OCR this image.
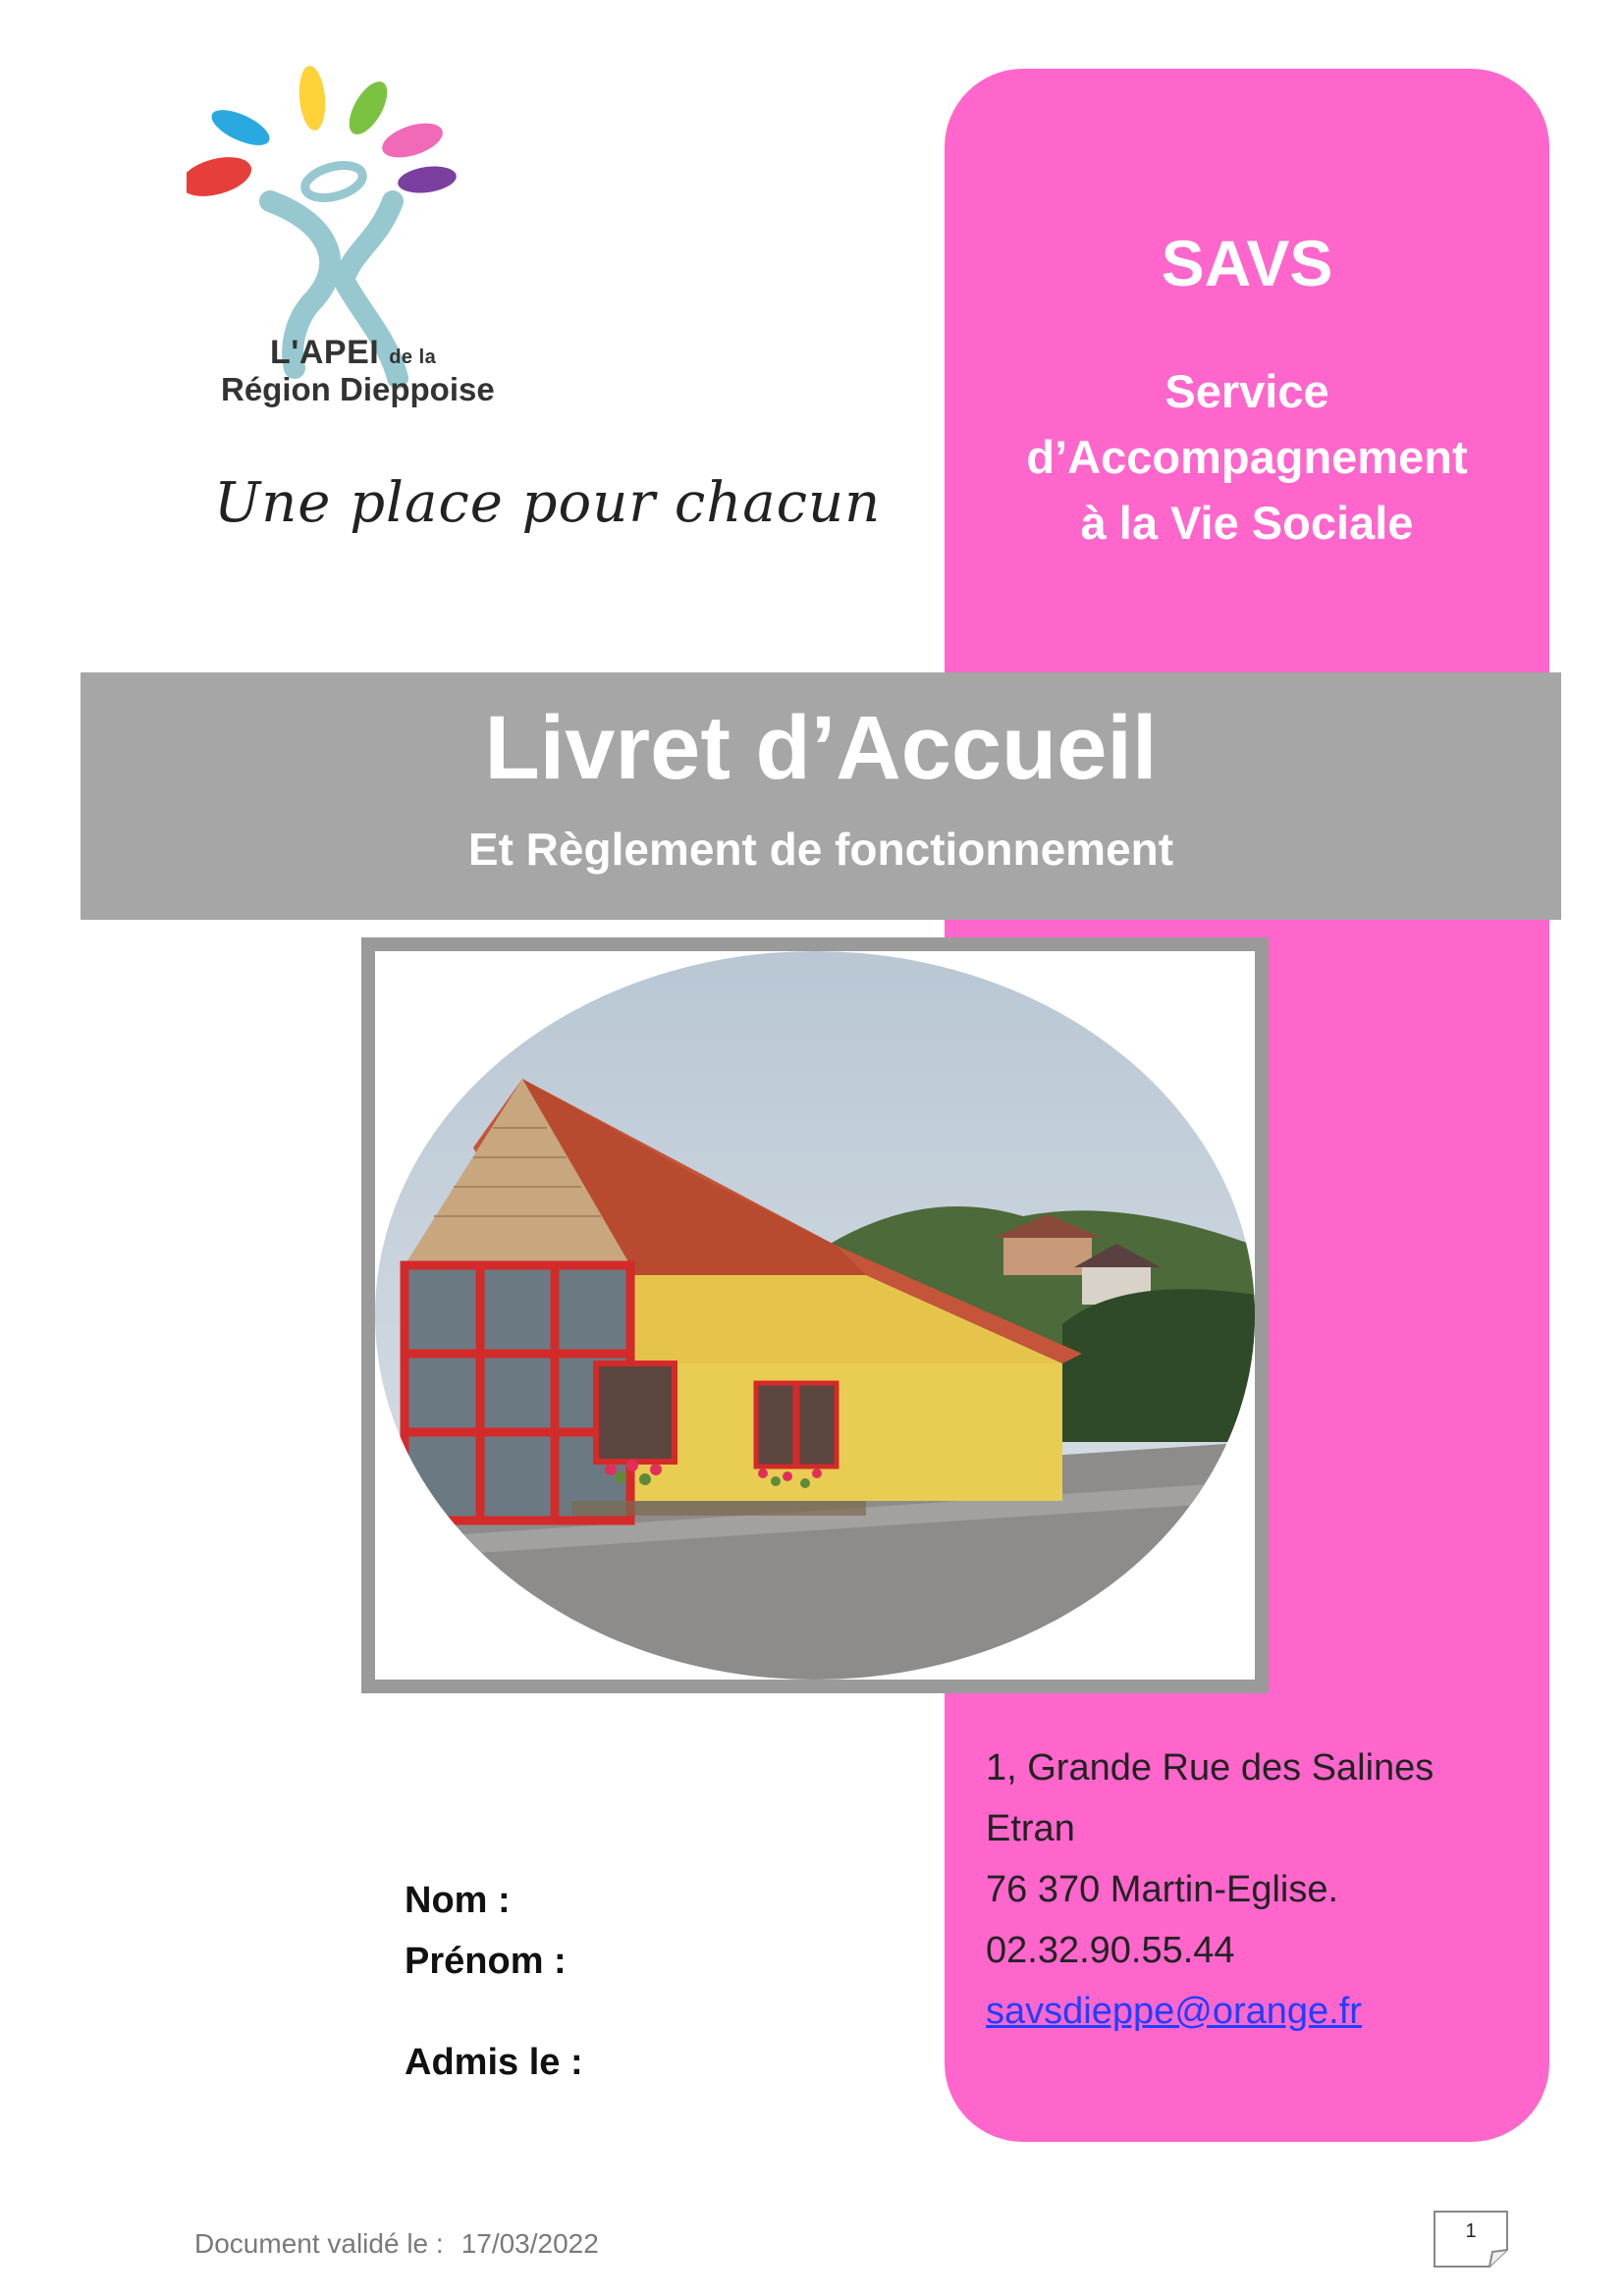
L'APEI de la
Région Dieppoise
Une place pour chacun
SAVS
Service
d’Accompagnement
à la Vie Sociale
Livret d’Accueil
Et Règlement de fonctionnement
Nom :
Prénom :
Admis le :
1, Grande Rue des Salines
Etran
76 370 Martin-Eglise.
02.32.90.55.44
savsdieppe@orange.fr
Document validé le : 17/03/2022	1
